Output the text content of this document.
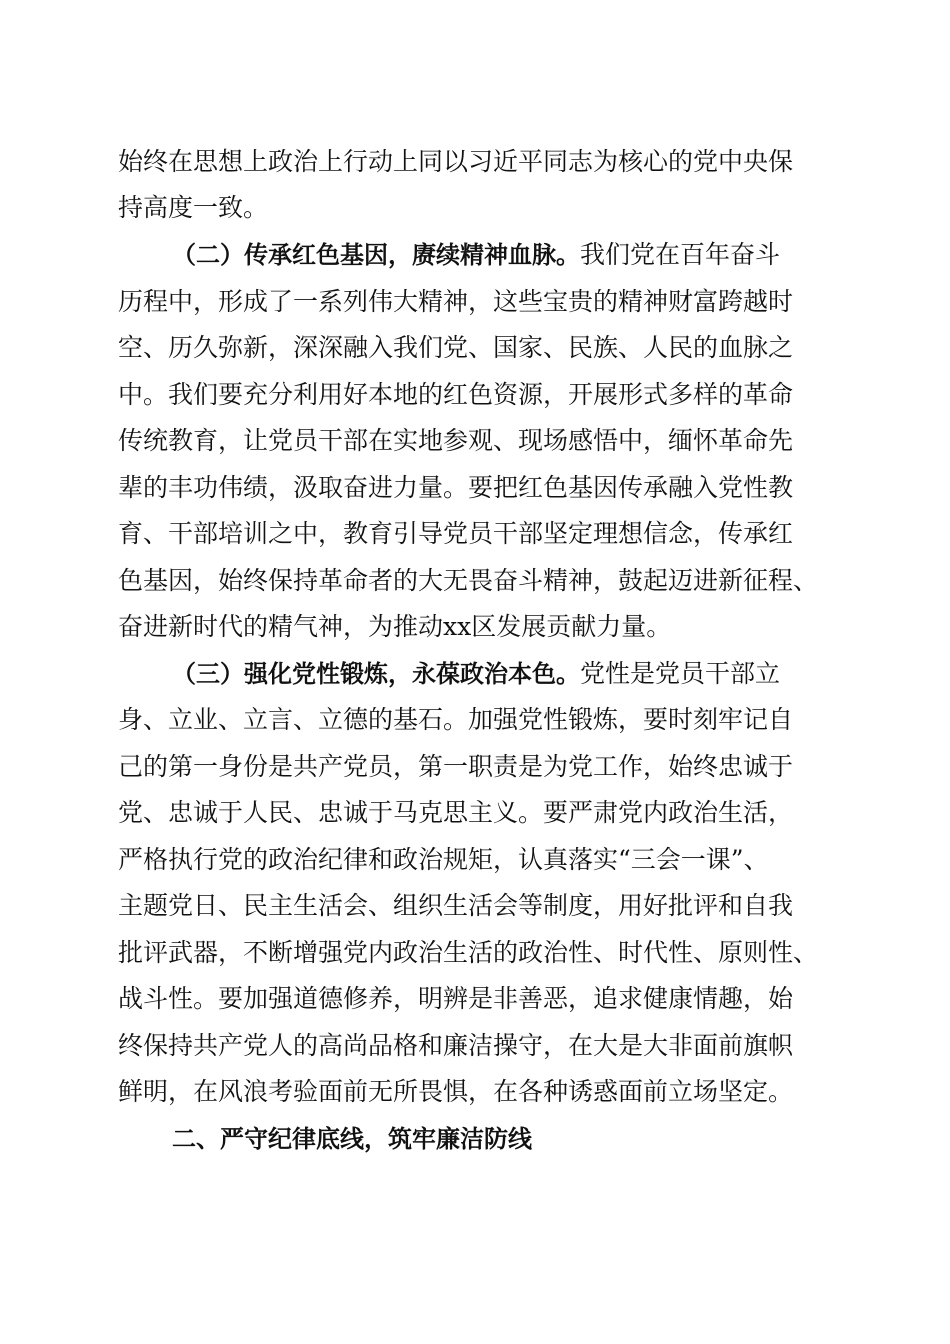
始终在思想上政治上行动上同以习近平同志为核心的党中央保
持高度一致。
（二）传承红色基因，赓续精神血脉。我们党在百年奋斗
历程中，形成了一系列伟大精神，这些宝贵的精神财富跨越时
空、历久弥新，深深融入我们党、国家、民族、人民的血脉之
中。我们要充分利用好本地的红色资源，开展形式多样的革命
传统教育，让党员干部在实地参观、现场感悟中，缅怀革命先
辈的丰功伟绩，汲取奋进力量。要把红色基因传承融入党性教
育、干部培训之中，教育引导党员干部坚定理想信念，传承红
色基因，始终保持革命者的大无畏奋斗精神，鼓起迈进新征程、
奋进新时代的精气神，为推动xx区发展贡献力量。
（三）强化党性锻炼，永葆政治本色。党性是党员干部立
身、立业、立言、立德的基石。加强党性锻炼，要时刻牢记自
己的第一身份是共产党员，第一职责是为党工作，始终忠诚于
党、忠诚于人民、忠诚于马克思主义。要严肃党内政治生活，
严格执行党的政治纪律和政治规矩，认真落实“三会一课”、
主题党日、民主生活会、组织生活会等制度，用好批评和自我
批评武器，不断增强党内政治生活的政治性、时代性、原则性、
战斗性。要加强道德修养，明辨是非善恶，追求健康情趣，始
终保持共产党人的高尚品格和廉洁操守，在大是大非面前旗帜
鲜明，在风浪考验面前无所畏惧，在各种诱惑面前立场坚定。
二、严守纪律底线，筑牢廉洁防线
